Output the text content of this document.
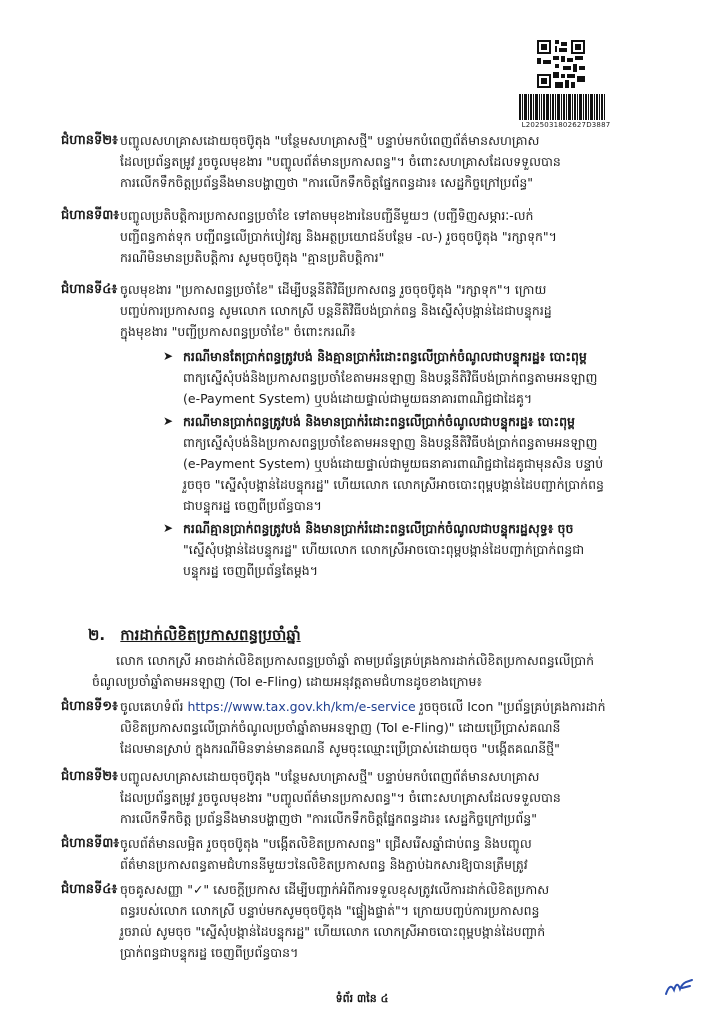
L2025031802627D3887
ជំហានទី២៖ បញ្ចូលសហគ្រាសដោយចុចប៊ូតុង "បន្ថែមសហគ្រាសថ្មី" បន្ទាប់មកបំពេញព័ត៌មានសហគ្រាស

ដែលប្រព័ន្ធតម្រូវ រួចចូលមុខងារ "បញ្ចូលព័ត៌មានប្រកាសពន្ធ"។ ចំពោះសហគ្រាសដែលទទួលបាន

ការលើកទឹកចិត្តប្រព័ន្ធនឹងមានបង្ហាញថា "ការលើកទឹកចិត្តផ្នែកពន្ធដារ៖ សេដ្ឋកិច្ចក្រៅប្រព័ន្ធ"

ជំហានទី៣៖ បញ្ចូលប្រតិបត្តិការប្រកាសពន្ធប្រចាំខែ ទៅតាមមុខងារនៃបញ្ជីនីមួយៗ (បញ្ជីទិញសម្ភារៈ-លក់

បញ្ជីពន្ធកាត់ទុក បញ្ជីពន្ធលើប្រាក់បៀវត្ស និងអត្ថប្រយោជន៍បន្ថែម -ល-) រួចចុចប៊ូតុង "រក្សាទុក"។

ករណីមិនមានប្រតិបត្តិការ សូមចុចប៊ូតុង "គ្មានប្រតិបត្តិការ"

ជំហានទី៤៖ ចូលមុខងារ "ប្រកាសពន្ធប្រចាំខែ" ដើម្បីបន្តនីតិវិធីប្រកាសពន្ធ រួចចុចប៊ូតុង "រក្សាទុក"។ ក្រោយ

បញ្ចប់ការប្រកាសពន្ធ សូមលោក លោកស្រី បន្តនីតិវិធីបង់ប្រាក់ពន្ធ និងស្នើសុំបង្កាន់ដៃជាបន្ទុករដ្ឋ

ក្នុងមុខងារ "បញ្ជីប្រកាសពន្ធប្រចាំខែ" ចំពោះករណី៖

➤ ករណីមានតែប្រាក់ពន្ធត្រូវបង់ និងគ្មានប្រាក់រំដោះពន្ធលើប្រាក់ចំណូលជាបន្ទុករដ្ឋ៖ បោះពុម្ព
ពាក្យស្នើសុំបង់និងប្រកាសពន្ធប្រចាំខែតាមអនឡាញ និងបន្តនីតិវិធីបង់ប្រាក់ពន្ធតាមអនឡាញ
(e-Payment System) ឬបង់ដោយផ្ទាល់ជាមួយធនាគារពាណិជ្ជជាដៃគូ។
➤ ករណីមានប្រាក់ពន្ធត្រូវបង់ និងមានប្រាក់រំដោះពន្ធលើប្រាក់ចំណូលជាបន្ទុករដ្ឋ៖ បោះពុម្ព
ពាក្យស្នើសុំបង់និងប្រកាសពន្ធប្រចាំខែតាមអនឡាញ និងបន្តនីតិវិធីបង់ប្រាក់ពន្ធតាមអនឡាញ
(e-Payment System) ឬបង់ដោយផ្ទាល់ជាមួយធនាគារពាណិជ្ជជាដៃគូជាមុនសិន បន្ទាប់
រួចចុច "ស្នើសុំបង្កាន់ដៃបន្ទុករដ្ឋ" ហើយលោក លោកស្រីអាចបោះពុម្ពបង្កាន់ដៃបញ្ជាក់ប្រាក់ពន្ធ
ជាបន្ទុករដ្ឋ ចេញពីប្រព័ន្ធបាន។
➤ ករណីគ្មានប្រាក់ពន្ធត្រូវបង់ និងមានប្រាក់រំដោះពន្ធលើប្រាក់ចំណូលជាបន្ទុករដ្ឋសុទ្ធ៖ ចុច
"ស្នើសុំបង្កាន់ដៃបន្ទុករដ្ឋ" ហើយលោក លោកស្រីអាចបោះពុម្ពបង្កាន់ដៃបញ្ជាក់ប្រាក់ពន្ធជា
បន្ទុករដ្ឋ ចេញពីប្រព័ន្ធតែម្ដង។
២. ការដាក់លិខិតប្រកាសពន្ធប្រចាំឆ្នាំ
លោក លោកស្រី អាចដាក់លិខិតប្រកាសពន្ធប្រចាំឆ្នាំ តាមប្រព័ន្ធគ្រប់គ្រងការដាក់លិខិតប្រកាសពន្ធលើប្រាក់
ចំណូលប្រចាំឆ្នាំតាមអនឡាញ (ToI e-Fling) ដោយអនុវត្តតាមជំហានដូចខាងក្រោម៖
ជំហានទី១៖ ចូលគេហទំព័រ https://www.tax.gov.kh/km/e-service រួចចុចលើ Icon "ប្រព័ន្ធគ្រប់គ្រងការដាក់

លិខិតប្រកាសពន្ធលើប្រាក់ចំណូលប្រចាំឆ្នាំតាមអនឡាញ (ToI e-Fling)" ដោយប្រើប្រាស់គណនី

ដែលមានស្រាប់ ក្នុងករណីមិនទាន់មានគណនី សូមចុះឈ្មោះប្រើប្រាស់ដោយចុច "បង្កើតគណនីថ្មី"

ជំហានទី២៖ បញ្ចូលសហគ្រាសដោយចុចប៊ូតុង "បន្ថែមសហគ្រាសថ្មី" បន្ទាប់មកបំពេញព័ត៌មានសហគ្រាស

ដែលប្រព័ន្ធតម្រូវ រួចចូលមុខងារ "បញ្ចូលព័ត៌មានប្រកាសពន្ធ"។ ចំពោះសហគ្រាសដែលទទួលបាន

ការលើកទឹកចិត្ត ប្រព័ន្ធនឹងមានបង្ហាញថា "ការលើកទឹកចិត្តផ្នែកពន្ធដារ៖ សេដ្ឋកិច្ចក្រៅប្រព័ន្ធ"

ជំហានទី៣៖ ចូលព័ត៌មានលម្អិត រួចចុចប៊ូតុង "បង្កើតលិខិតប្រកាសពន្ធ" ជ្រើសរើសឆ្នាំជាប់ពន្ធ និងបញ្ចូល

ព័ត៌មានប្រកាសពន្ធតាមជំហាននីមួយៗនៃលិខិតប្រកាសពន្ធ និងភ្ជាប់ឯកសារឱ្យបានត្រឹមត្រូវ

ជំហានទី៤៖ ចុចគូសសញ្ញា "✓" សេចក្ដីប្រកាស ដើម្បីបញ្ជាក់អំពីការទទួលខុសត្រូវលើការដាក់លិខិតប្រកាស

ពន្ធរបស់លោក លោកស្រី បន្ទាប់មកសូមចុចប៊ូតុង "ផ្ទៀងផ្ទាត់"។ ក្រោយបញ្ចប់ការប្រកាសពន្ធ

រួចរាល់ សូមចុច "ស្នើសុំបង្កាន់ដៃបន្ទុករដ្ឋ" ហើយលោក លោកស្រីអាចបោះពុម្ពបង្កាន់ដៃបញ្ជាក់

ប្រាក់ពន្ធជាបន្ទុករដ្ឋ ចេញពីប្រព័ន្ធបាន។

ទំព័រ ៣នៃ ៤
